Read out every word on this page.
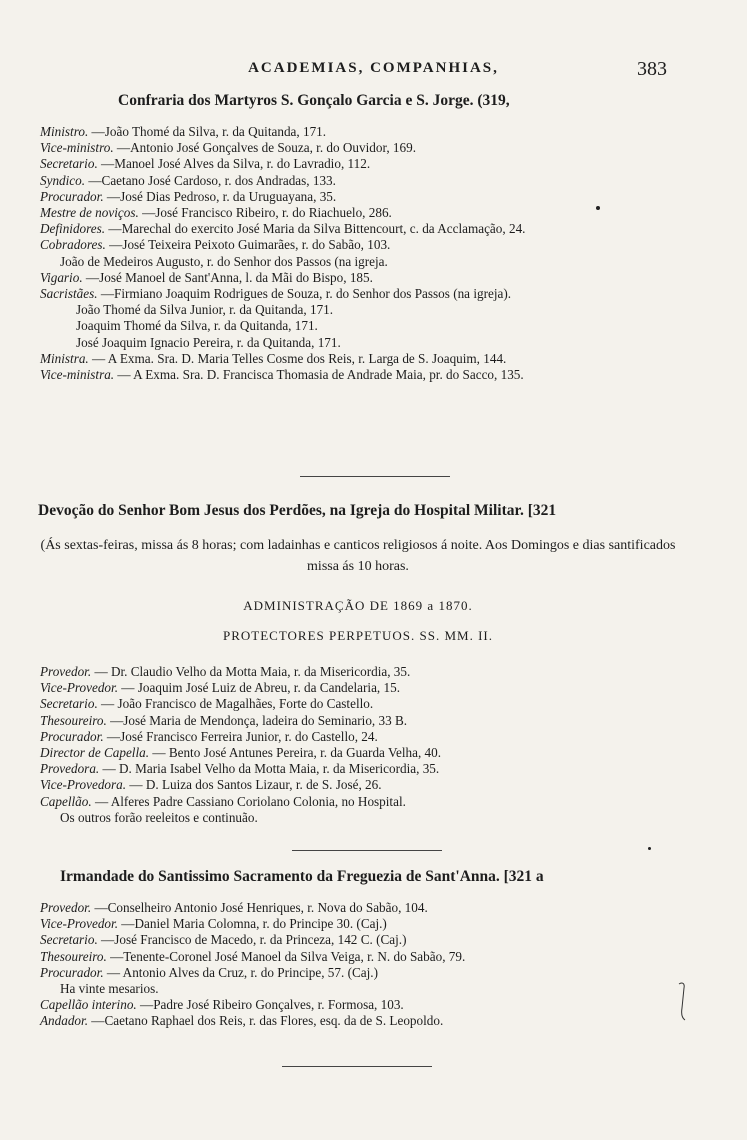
ACADEMIAS, COMPANHIAS,	383
Confraria dos Martyros S. Gonçalo Garcia e S. Jorge. (319,
Ministro. —João Thomé da Silva, r. da Quitanda, 171.
Vice-ministro. —Antonio José Gonçalves de Souza, r. do Ouvidor, 169.
Secretario. —Manoel José Alves da Silva, r. do Lavradio, 112.
Syndico. —Caetano José Cardoso, r. dos Andradas, 133.
Procurador. —José Dias Pedroso, r. da Uruguayana, 35.
Mestre de noviços. —José Francisco Ribeiro, r. do Riachuelo, 286.
Definidores. —Marechal do exercito José Maria da Silva Bittencourt, c. da Acclamação, 24.
Cobradores. —José Teixeira Peixoto Guimarães, r. do Sabão, 103.
João de Medeiros Augusto, r. do Senhor dos Passos (na igreja.
Vigario. —José Manoel de Sant'Anna, l. da Mãi do Bispo, 185.
Sacristães. —Firmiano Joaquim Rodrigues de Souza, r. do Senhor dos Passos (na igreja).
João Thomé da Silva Junior, r. da Quitanda, 171.
Joaquim Thomé da Silva, r. da Quitanda, 171.
José Joaquim Ignacio Pereira, r. da Quitanda, 171.
Ministra. — A Exma. Sra. D. Maria Telles Cosme dos Reis, r. Larga de S. Joaquim, 144.
Vice-ministra. — A Exma. Sra. D. Francisca Thomasia de Andrade Maia, pr. do Sacco, 135.
Devoção do Senhor Bom Jesus dos Perdões, na Igreja do Hospital Militar. [321
(Ás sextas-feiras, missa ás 8 horas; com ladainhas e canticos religiosos á noite. Aos Domingos e dias santificados missa ás 10 horas.
ADMINISTRAÇÃO DE 1869 a 1870.
PROTECTORES PERPETUOS. SS. MM. II.
Provedor. — Dr. Claudio Velho da Motta Maia, r. da Misericordia, 35.
Vice-Provedor. — Joaquim José Luiz de Abreu, r. da Candelaria, 15.
Secretario. — João Francisco de Magalhães, Forte do Castello.
Thesoureiro. —José Maria de Mendonça, ladeira do Seminario, 33 B.
Procurador. —José Francisco Ferreira Junior, r. do Castello, 24.
Director de Capella. — Bento José Antunes Pereira, r. da Guarda Velha, 40.
Provedora. — D. Maria Isabel Velho da Motta Maia, r. da Misericordia, 35.
Vice-Provedora. — D. Luiza dos Santos Lizaur, r. de S. José, 26.
Capellão. — Alferes Padre Cassiano Coriolano Colonia, no Hospital.
Os outros forão reeleitos e continuão.
Irmandade do Santissimo Sacramento da Freguezia de Sant'Anna. [321 a
Provedor. —Conselheiro Antonio José Henriques, r. Nova do Sabão, 104.
Vice-Provedor. —Daniel Maria Colomna, r. do Principe 30. (Caj.)
Secretario. —José Francisco de Macedo, r. da Princeza, 142 C. (Caj.)
Thesoureiro. —Tenente-Coronel José Manoel da Silva Veiga, r. N. do Sabão, 79.
Procurador. — Antonio Alves da Cruz, r. do Principe, 57. (Caj.)
Ha vinte mesarios.
Capellão interino. —Padre José Ribeiro Gonçalves, r. Formosa, 103.
Andador. —Caetano Raphael dos Reis, r. das Flores, esq. da de S. Leopoldo.
